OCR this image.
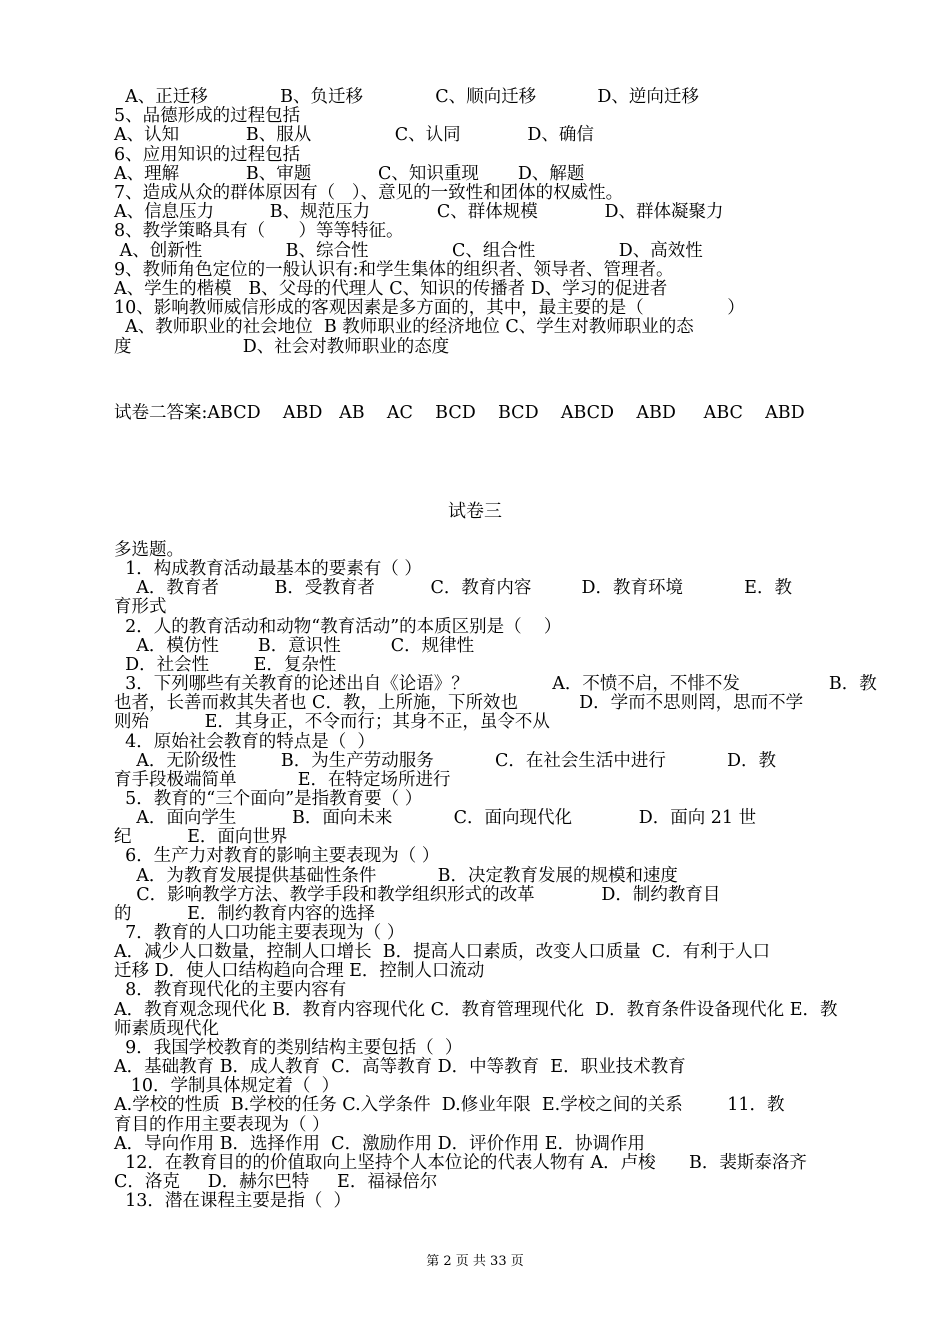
A、正迁移             B、负迁移             C、顺向迁移           D、逆向迁移
5、品德形成的过程包括
A、认知            B、服从               C、认同            D、确信
6、应用知识的过程包括
A、理解            B、审题            C、知识重现       D、解题
7、造成从众的群体原因有（   ）、意见的一致性和团体的权威性。
A、信息压力          B、规范压力            C、群体规模            D、群体凝聚力
8、教学策略具有（      ）等等特征。
A、创新性               B、综合性               C、组合性               D、高效性
9、教师角色定位的一般认识有:和学生集体的组织者、领导者、管理者。
A、学生的楷模   B、父母的代理人 C、知识的传播者 D、学习的促进者
10、影响教师威信形成的客观因素是多方面的，其中，最主要的是（               ）
A、教师职业的社会地位  B 教师职业的经济地位 C、学生对教师职业的态
度                    D、社会对教师职业的态度
试卷二答案:ABCD    ABD   AB    AC    BCD    BCD    ABCD    ABD     ABC    ABD
试卷三
多选题。
1．构成教育活动最基本的要素有（ ）
A．教育者          B．受教育者          C．教育内容         D．教育环境           E．教
育形式
2．人的教育活动和动物“教育活动”的本质区别是（    ）
A．模仿性       B．意识性         C．规律性
D．社会性        E．复杂性
3．下列哪些有关教育的论述出自《论语》？               A．不愤不启，不悱不发                B．教
也者，长善而救其失者也 C．教，上所施，下所效也           D．学而不思则罔，思而不学
则殆          E．其身正，不令而行；其身不正，虽令不从
4．原始社会教育的特点是（  ）
A．无阶级性        B．为生产劳动服务           C．在社会生活中进行           D．教
育手段极端简单           E．在特定场所进行
5．教育的“三个面向”是指教育要（ ）
A．面向学生          B．面向未来           C．面向现代化            D．面向 21 世
纪          E．面向世界
6．生产力对教育的影响主要表现为（ ）
A．为教育发展提供基础性条件           B．决定教育发展的规模和速度
C．影响教学方法、教学手段和教学组织形式的改革            D．制约教育目
的          E．制约教育内容的选择
7．教育的人口功能主要表现为（ ）
A．减少人口数量，控制人口增长  B．提高人口素质，改变人口质量  C．有利于人口
迁移 D．使人口结构趋向合理 E．控制人口流动
8．教育现代化的主要内容有
A．教育观念现代化 B．教育内容现代化 C．教育管理现代化  D．教育条件设备现代化 E．教
师素质现代化
9．我国学校教育的类别结构主要包括（  ）
A．基础教育 B．成人教育  C．高等教育 D．中等教育  E．职业技术教育
10．学制具体规定着（  ）
A.学校的性质  B.学校的任务 C.入学条件  D.修业年限  E.学校之间的关系        11．教
育目的作用主要表现为（ ）
A．导向作用 B．选择作用  C．激励作用 D．评价作用 E．协调作用
12．在教育目的的价值取向上坚持个人本位论的代表人物有 A．卢梭      B．裴斯泰洛齐
C．洛克     D．赫尔巴特     E．福禄倍尔
13．潜在课程主要是指（  ）
第 2 页 共 33 页
